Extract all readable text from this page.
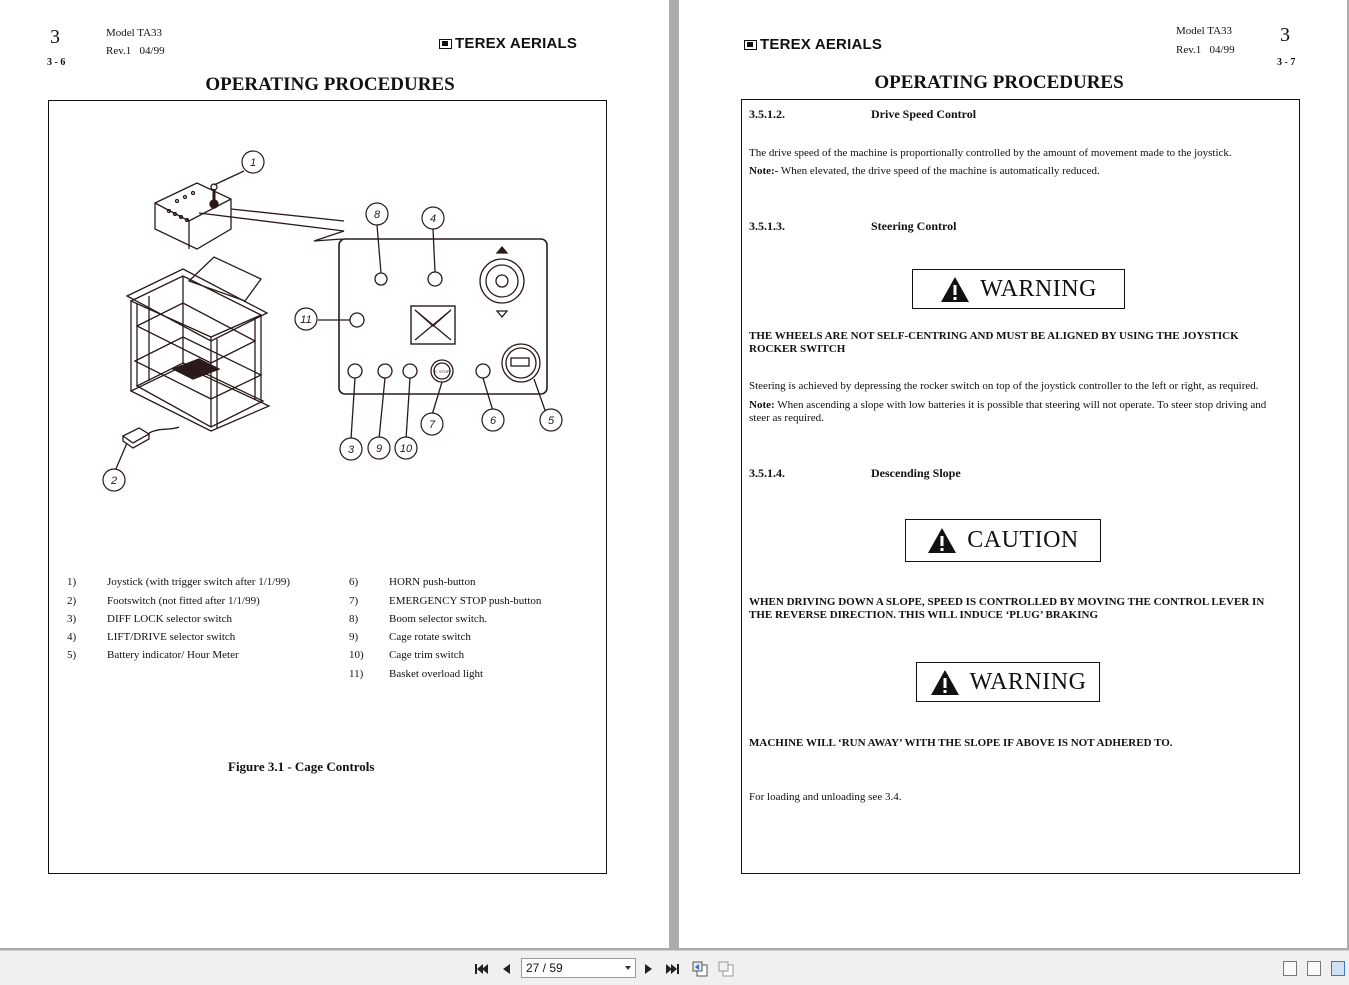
3
3 - 6
Model TA33
Rev.1 04/99	TEREX AERIALS
OPERATING PROCEDURES
1
2
3
4
5
6
7
8
9 10
11
E. STOP
1)	Joystick (with trigger switch after 1/1/99)
2)	Footswitch (not fitted after 1/1/99)
3)	DIFF LOCK selector switch
4)	LIFT/DRIVE selector switch
5)	Battery indicator/ Hour Meter
6)	HORN push-button
7)	EMERGENCY STOP push-button
8)	Boom selector switch.
9)	Cage rotate switch
10)	Cage trim switch
11)	Basket overload light
Figure 3.1 - Cage Controls
TEREX AERIALS
Model TA33
Rev.1 04/99
3
3 - 7
OPERATING PROCEDURES
3.5.1.2.	Drive Speed Control
The drive speed of the machine is proportionally controlled by the amount of movement made to the joystick.
Note:- When elevated, the drive speed of the machine is automatically reduced.
3.5.1.3.	Steering Control
WARNING
THE WHEELS ARE NOT SELF-CENTRING AND MUST BE ALIGNED BY USING THE JOYSTICK ROCKER SWITCH
Steering is achieved by depressing the rocker switch on top of the joystick controller to the left or right, as required.
Note: When ascending a slope with low batteries it is possible that steering will not operate. To steer stop driving and steer as required.
3.5.1.4.	Descending Slope
CAUTION
WHEN DRIVING DOWN A SLOPE, SPEED IS CONTROLLED BY MOVING THE CONTROL LEVER IN THE REVERSE DIRECTION. THIS WILL INDUCE ‘PLUG’ BRAKING
WARNING
MACHINE WILL ‘RUN AWAY’ WITH THE SLOPE IF ABOVE IS NOT ADHERED TO.
For loading and unloading see 3.4.
27 / 59
